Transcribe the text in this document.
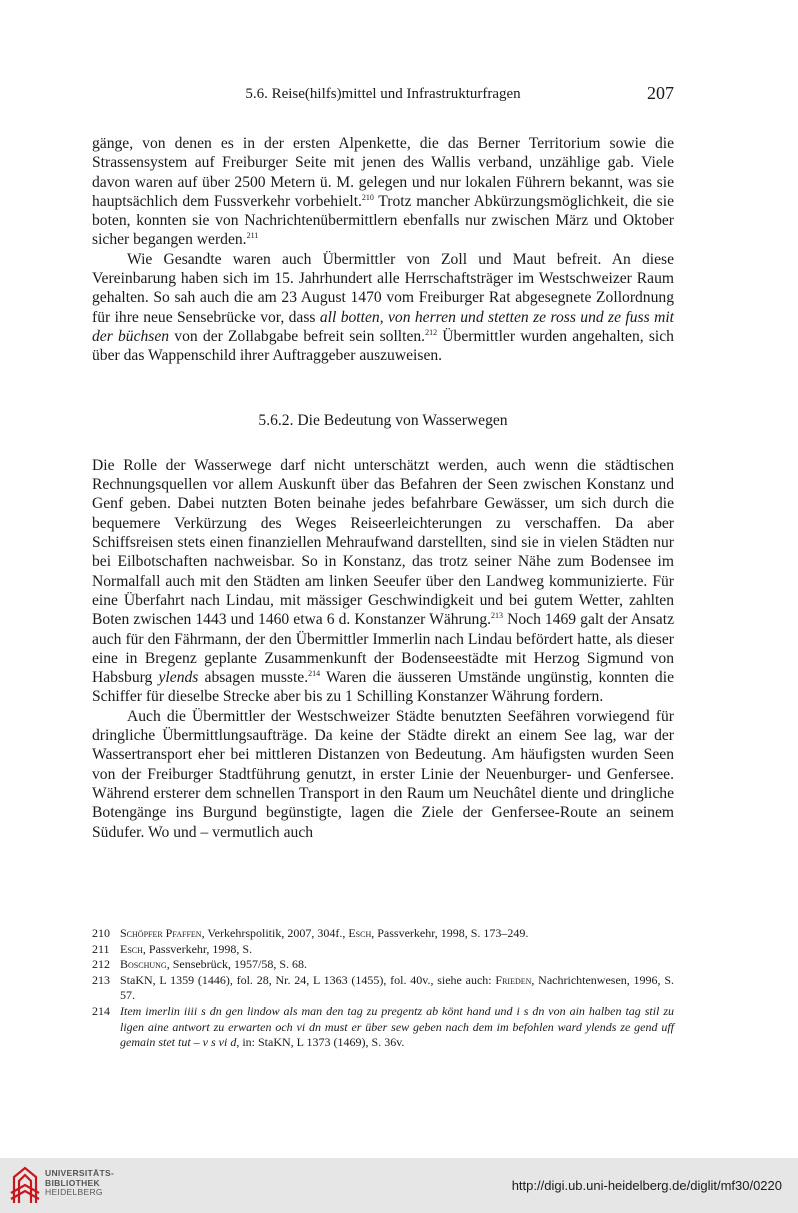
5.6. Reise(hilfs)mittel und Infrastrukturfragen	207

gänge, von denen es in der ersten Alpenkette, die das Berner Territorium sowie die Strassensystem auf Freiburger Seite mit jenen des Wallis verband, unzählige gab. Viele davon waren auf über 2500 Metern ü. M. gelegen und nur lokalen Führern bekannt, was sie hauptsächlich dem Fussverkehr vorbehielt.$^{210}$ Trotz mancher Abkürzungsmöglichkeit, die sie boten, konnten sie von Nachrichtenübermittlern ebenfalls nur zwischen März und Oktober sicher begangen werden.$^{211}$

Wie Gesandte waren auch Übermittler von Zoll und Maut befreit. An diese Vereinbarung haben sich im 15. Jahrhundert alle Herrschaftsträger im Westschweizer Raum gehalten. So sah auch die am 23 August 1470 vom Freiburger Rat abgesegnete Zollordnung für ihre neue Sensebrücke vor, dass all botten, von herren und stetten ze ross und ze fuss mit der büchsen von der Zollabgabe befreit sein sollten.$^{212}$ Übermittler wurden angehalten, sich über das Wappenschild ihrer Auftraggeber auszuweisen.

5.6.2. Die Bedeutung von Wasserwegen

Die Rolle der Wasserwege darf nicht unterschätzt werden, auch wenn die städtischen Rechnungsquellen vor allem Auskunft über das Befahren der Seen zwischen Konstanz und Genf geben. Dabei nutzten Boten beinahe jedes befahrbare Gewässer, um sich durch die bequemere Verkürzung des Weges Reiseerleichterungen zu verschaffen. Da aber Schiffsreisen stets einen finanziellen Mehraufwand darstellten, sind sie in vielen Städten nur bei Eilbotschaften nachweisbar. So in Konstanz, das trotz seiner Nähe zum Bodensee im Normalfall auch mit den Städten am linken Seeufer über den Landweg kommunizierte. Für eine Überfahrt nach Lindau, mit mässiger Geschwindigkeit und bei gutem Wetter, zahlten Boten zwischen 1443 und 1460 etwa 6 d. Konstanzer Währung.$^{213}$ Noch 1469 galt der Ansatz auch für den Fährmann, der den Übermittler Immerlin nach Lindau befördert hatte, als dieser eine in Bregenz geplante Zusammenkunft der Bodenseestädte mit Herzog Sigmund von Habsburg ylends absagen musste.$^{214}$ Waren die äusseren Umstände ungünstig, konnten die Schiffer für dieselbe Strecke aber bis zu 1 Schilling Konstanzer Währung fordern.

Auch die Übermittler der Westschweizer Städte benutzten Seefähren vorwiegend für dringliche Übermittlungsaufträge. Da keine der Städte direkt an einem See lag, war der Wassertransport eher bei mittleren Distanzen von Bedeutung. Am häufigsten wurden Seen von der Freiburger Stadtführung genutzt, in erster Linie der Neuenburger- und Genfersee. Während ersterer dem schnellen Transport in den Raum um Neuchâtel diente und dringliche Botengänge ins Burgund begünstigte, lagen die Ziele der Genfersee-Route an seinem Südufer. Wo und – vermutlich auch

210 Schöpfer Pfaffen, Verkehrspolitik, 2007, 304f., Esch, Passverkehr, 1998, S. 173–249.
211 Esch, Passverkehr, 1998, S.
212 Boschung, Sensebrück, 1957/58, S. 68.
213 StaKN, L 1359 (1446), fol. 28, Nr. 24, L 1363 (1455), fol. 40v., siehe auch: Frieden, Nachrichtenwesen, 1996, S. 57.
214 Item imerlin iiii s dn gen lindow als man den tag zu pregentz ab könt hand und i s dn von ain halben tag stil zu ligen aine antwort zu erwarten och vi dn must er über sew geben nach dem im befohlen ward ylends ze gend uff gemain stet tut – v s vi d, in: StaKN, L 1373 (1469), S. 36v.
UNIVERSITÄTS-
BIBLIOTHEK
HEIDELBERG	http://digi.ub.uni-heidelberg.de/diglit/mf30/0220
